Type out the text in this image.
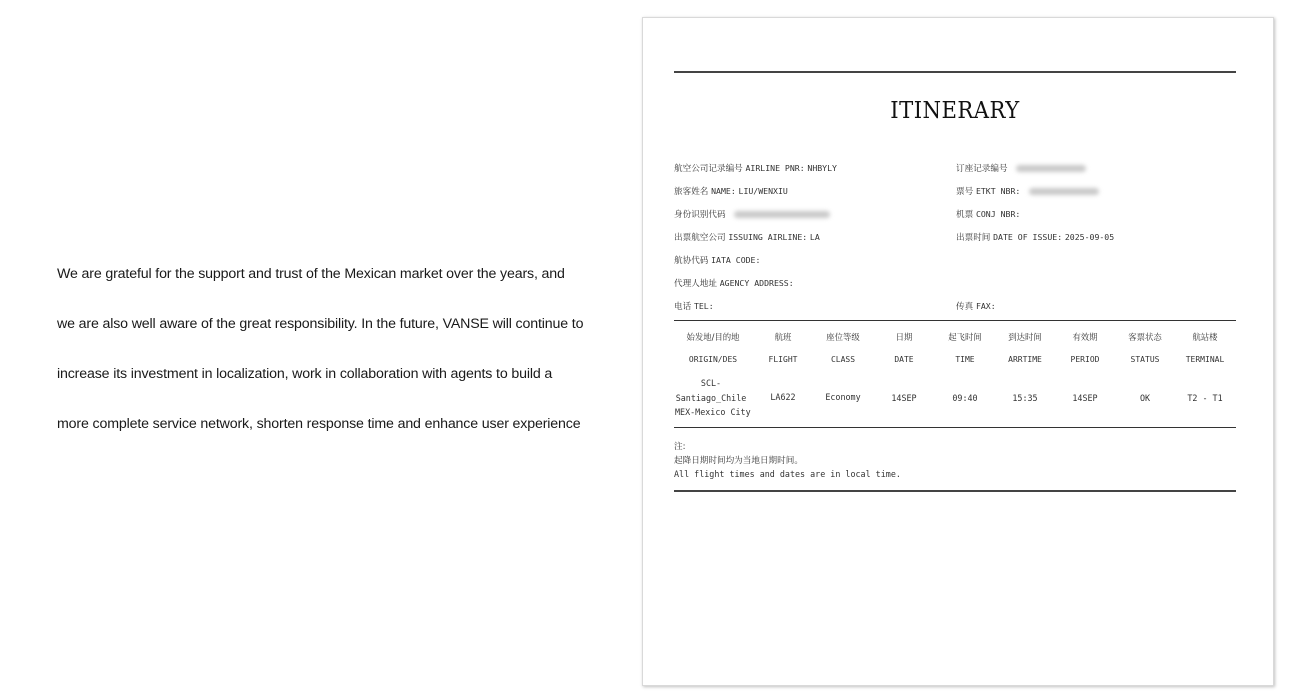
We are grateful for the support and trust of the Mexican market over the years, and

we are also well aware of the great responsibility. In the future, VANSE will continue to

increase its investment in localization, work in collaboration with agents to build a

more complete service network, shorten response time and enhance user experience

ITINERARY
航空公司记录编号 AIRLINE PNR: NHBYLY
旅客姓名 NAME: LIU/WENXIU
身份识别代码
出票航空公司 ISSUING AIRLINE: LA
航协代码 IATA CODE:
代理人地址 AGENCY ADDRESS:
电话 TEL:
订座记录编号
票号 ETKT NBR:
机票 CONJ NBR:
出票时间 DATE OF ISSUE: 2025-09-05
传真 FAX:
始发地/目的地	航班	座位等级	日期	起飞时间	到达时间	有效期	客票状态	航站楼
ORIGIN/DES	FLIGHT	CLASS	DATE	TIME	ARRTIME	PERIOD	STATUS	TERMINAL
SCL-
Santiago_Chile
MEX-Mexico City
LA622	Economy	14SEP	09:40	15:35	14SEP	OK	T2 - T1
注:
起降日期时间均为当地日期时间。
All flight times and dates are in local time.
